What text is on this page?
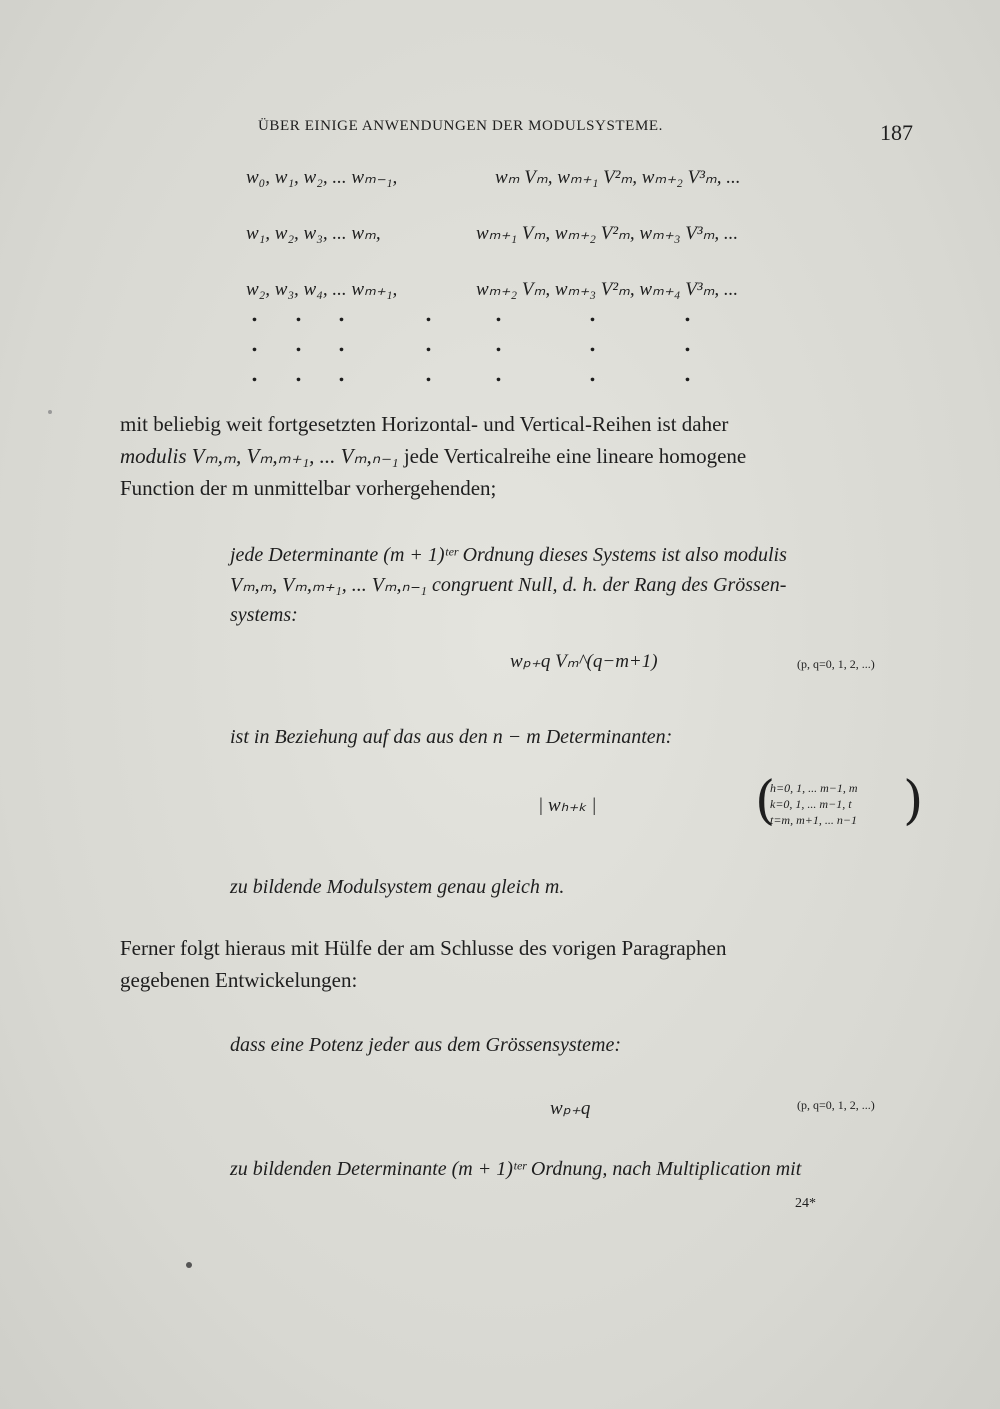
ÜBER EINIGE ANWENDUNGEN DER MODULSYSTEME.	187
w₀, w₁, w₂, ... wₘ₋₁,	wₘ Vₘ, wₘ₊₁ V²ₘ, wₘ₊₂ V³ₘ, ...
w₁, w₂, w₃, ... wₘ,	wₘ₊₁ Vₘ, wₘ₊₂ V²ₘ, wₘ₊₃ V³ₘ, ...
w₂, w₃, w₄, ... wₘ₊₁,	wₘ₊₂ Vₘ, wₘ₊₃ V²ₘ, wₘ₊₄ V³ₘ, ...
. . .	.	.	.	.
. . .	.	.	.	.
. . .	.	.	.	.
mit beliebig weit fortgesetzten Horizontal- und Vertical-Reihen ist daher
modulis Vₘ,ₘ, Vₘ,ₘ₊₁, ... Vₘ,ₙ₋₁ jede Verticalreihe eine lineare homogene
Function der m unmittelbar vorhergehenden;
jede Determinante (m + 1)ᵗᵉʳ Ordnung dieses Systems ist also modulis
Vₘ,ₘ, Vₘ,ₘ₊₁, ... Vₘ,ₙ₋₁ congruent Null, d. h. der Rang des Grössen-
systems:
wₚ₊q Vₘ^(q−m+1)	(p, q=0, 1, 2, ...)
ist in Beziehung auf das aus den n − m Determinanten:
| wₕ₊ₖ |	(
h=0, 1, ... m−1, m
k=0, 1, ... m−1, t
t=m, m+1, ... n−1 )
zu bildende Modulsystem genau gleich m.
Ferner folgt hieraus mit Hülfe der am Schlusse des vorigen Paragraphen
gegebenen Entwickelungen:
dass eine Potenz jeder aus dem Grössensysteme:
wₚ₊q	(p, q=0, 1, 2, ...)
zu bildenden Determinante (m + 1)ᵗᵉʳ Ordnung, nach Multiplication mit
24*
